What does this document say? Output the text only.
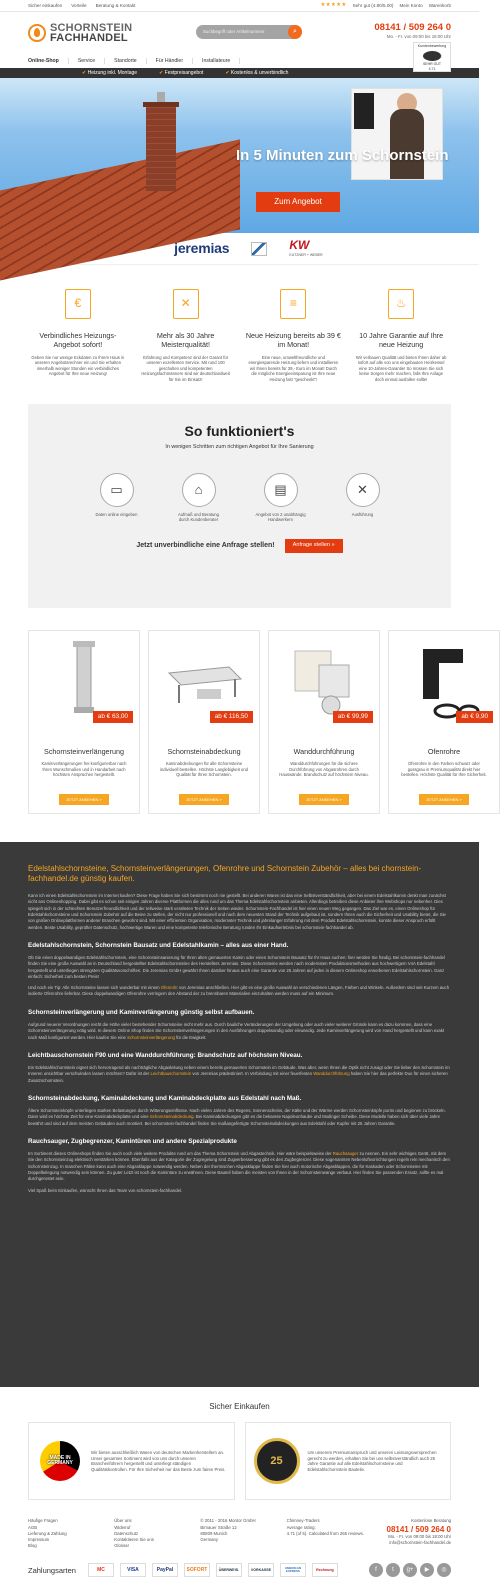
Sicher einkaufen Vorteile Beratung & Kontakt	★★★★★ Sehr gut (4.80/5.00) Mein Konto Warenkorb
SCHORNSTEIN
FACHHANDEL
Suchbegriff oder Artikelnummer	⌕	08141 / 509 264 0
Mo. - Fr. von 09:00 bis 18:00 Uhr
Online-Shop	Service	Standorte	Für Händler	Installateure
Kundenbewertung
SEHR GUT
4.71
✔ Heizung inkl. Montage	✔ Festpreisangebot	✔ Kostenlos & unverbindlich
In 5 Minuten zum Schornstein
Zum Angebot
jeremias	KW
KUTZNER + WEBER
€
Verbindliches Heizungs-Angebot sofort!

Geben Sie nur wenige Eckdaten zu Ihrem Haus in unseren Angebotsrechner ein und Sie erhalten innerhalb weniger Stunden ein verbindliches Angebot für Ihre neue Heizung!

✕
Mehr als 30 Jahre Meisterqualität!

Erfahrung und Kompetenz sind der Garant für unseren exzellenten Service. Mit rund 100 geschulten und kompetenten Heizungsfachmännern sind wir deutschlandweit für Sie im Einsatz!

≡
Neue Heizung bereits ab 39 € im Monat!

Eine neue, umweltfreundliche und energiesparende Heizung liefern und installieren wir Ihnen bereits für 39,- Euro im Monat! Durch die mögliche Energieeinsparung ist Ihre neue Heizung fast "geschenkt"!

♨
10 Jahre Garantie auf Ihre neue Heizung

Wir verbauen Qualität und bieten Ihnen daher ab sofort auf alle von uns eingebauten Heizkessel eine 10-Jahres-Garantie! So müssen Sie sich keine Sorgen mehr machen, falls Ihre Anlage doch einmal ausfallen sollte!

So funktioniert's
In wenigen Schritten zum richtigen Angebot für Ihre Sanierung
▭
Daten online eingeben
⌂
Aufmaß und Beratung durch Kundenberater
▤
Angebot von 2 unabhängig Handwerkern
✕
Ausführung
Jetzt unverbindliche eine Anfrage stellen!	Anfrage stellen »
ab € 63,00
Schornsteinverlängerung

Kaminverlängerungen frei konfigurierbar nach Ihren Wunschmaßen und in Handarbeit nach höchsten Ansprüchen hergestellt.

JETZT ANSEHEN »
ab € 116,50
Schornsteinabdeckung

Kaminabdeckungen für alle Schornsteine individuell bestellen. Höchste Langlebigkeit und Qualität für Ihren Schornstein.

JETZT ANSEHEN »
ab € 99,99
Wanddurchführung

Wanddurchführungen für die sichere Durchführung von Abgasrohren durch Hauswände. Brandschutz auf höchstem Niveau.

JETZT ANSEHEN »
ab € 9,90
Ofenrohre

Ofenrohre in den Farben schwarz oder gussgrau in Premiumqualität direkt hier bestellen. Höchste Qualität für Ihre Sicherheit.

JETZT ANSEHEN »
Edelstahlschornsteine, Schornsteinverlängerungen, Ofenrohre und Schornstein Zubehör – alles bei chornstein-fachhandel.de günstig kaufen.

Kann ich einen Edelstahlschornstein im Internet kaufen? Diese Frage haben Sie sich bestimmt noch nie gestellt. Bei anderen Waren ist das eine Selbstverständlichkeit, aber bei einem Edelstahlkamin denkt man zunächst nicht ans Onlineshopping. Dabei gibt es schon seit einigen Jahren diverse Plattformen die alles rund um das Thema Edelstahlschornstein anbieten. Allerdings betreiben diese Anbieter ihre Webshops nur nebenher. Dies spiegelt sich in der schlechten Benutzerfreundlichkeit und der teilweise stark veralteten Technik der Seiten wieder. Schornstein-Fachhandel ist hier einen neuen Weg gegangen. Das Ziel war es, einen Onlineshop für Edelstahlschornsteine und Schornstein Zubehör auf die Beine zu stellen, der nicht nur professionell und nach dem neuesten Stand der Technik aufgebaut ist, sondern Ihnen auch die Sicherheit und Usability bietet, die Sie von großen Onlineplattformen anderer Branchen gewohnt sind. Mit einer effizienten Organisation, modernster Technik und jahrelanger Erfahrung mit dem Produkt Edelstahlschornstein, konnte dieser Anspruch erfüllt werden. Beste Usability, geprüfter Datenschutz, hochwertige Waren und eine kompetente telefonische Beratung runden Ihr Einkaufserlebnis bei schornstein-fachhandel ab.

Edelstahlschornstein, Schornstein Bausatz und Edelstahlkamin – alles aus einer Hand.

Ob Sie einen doppelwandigen Edelstahlschornstein, eine Schornsteinsanierung für Ihren alten gemauerten Kamin oder einen Schornstein Bausatz für Ihr Haus suchen: hier werden Sie fündig. Bei schornstein-fachhandel finden Sie eine große Auswahl an in Deutschland hergestellter Edelstahlschornsteine des Herstellers Jeremias. Diese Schornsteine werden nach modernsten Produktionsmethoden aus hochwertigem V4A Edelstahl hergestellt und unterliegen strengsten Qualitätsvorschriften. Die Jeremias GmbH gewährt Ihnen darüber hinaus auch eine Garantie von 25 Jahren auf jeden in diesem Onlineshop erworbenen Edelstahlschornstein. Ganz einfach: Sicherheit zum besten Preis!

Und noch ein Tip: Alle Schornsteine lassen sich wunderbar mit einem Ofenrohr von Jeremias anschließen. Hier gibt es eine große Auswahl an verschiedenen Längen, Farben und Winkeln. Außerdem sind seit Kurzem auch isolierte Ofenrohre lieferbar. Diese doppelwandigen Ofenrohre verringern den Abstand der zu brennbaren Materialien einzuhalten werden muss auf ein Minimum.

Schornsteinverlängerung und Kaminverlängerung günstig selbst aufbauen.

Aufgrund neuerer Verordnungen reicht die Höhe vieler bestehender Schornsteine nicht mehr aus. Durch bauliche Veränderungen der Umgebung oder auch vieler weiterer Gründe kann es dazu kommen, dass eine Schornsteinverlängerung nötig wird. In diesem Online Shop finden Sie Schornsteinverlängerungen in den Ausführungen doppelwandig oder einwandig. Jede Kaminverlängerung wird von Hand hergestellt und kann exakt nach Maß konfiguriert werden. Hier kaufen Sie eine Schornsteinverlängerung für die Ewigkeit.

Leichtbauschornstein F90 und eine Wanddurchführung: Brandschutz auf höchstem Niveau.

Ein Edelstahlschornstein eignet sich hervorragend als nachträgliche Abgasleitung neben einem bereits gemauerten Schornstein im Gebäude. Was aber, wenn Ihnen die Optik nicht zusagt oder Sie lieber den Schornstein im Inneren unsichtbar verschwinden lassen möchten? Dafür ist der Leichtbauschornstein von Jeremias prädestiniert. In Verbindung mit einer feuerfesten Wanddurchführung haben Sie hier das perfekte Duo für einen sicheren Zusatzschornstein.

Schornsteinabdeckung, Kaminabdeckung und Kaminabdeckplatte aus Edelstahl nach Maß.

Ältere Schornsteinköpfe unterliegen starken Belastungen durch Witterungseinflüsse. Nach vielen Jahren des Regens, Sonnenscheins, der Kälte und der Wärme werden Schornsteinköpfe porös und beginnen zu bröckeln. Dann wird es höchste Zeit für eine Kaminabdeckplatte und eine Schornsteinabdeckung. Bei Kaminabdeckungen gibt es die bekannte Napoleonhaube und Modinger Scheibe. Diese Modelle haben sich über viele Jahre bewährt und sind auf dem meisten Gebäuden auch montiert. Bei schornstein-fachhandel finden Sie maßangefertigte Schornsteinabdeckungen aus Edelstahl oder Kupfer mit 25 Jahren Garantie.

Rauchsauger, Zugbegrenzer, Kamintüren und andere Spezialprodukte

Im Sortiment dieses Onlineshops finden Sie auch noch viele weitere Produkte rund um das Thema Schornstein und Abgastechnik. Hier wäre beispielsweise der Rauchsauger zu nennen. Ein sehr wichtiges Gerät, mit dem Sie den Schornsteinzug elektrisch verstärken können. Ebenfalls aus der Kategorie der Zugregelung sind Zugverbesserung gibt es den Zugbegrenzer. Diese sogenannten Nebenluftvorrichtungen regeln rein mechanisch den Schornsteinzug. In manchen Fällen kann auch eine Abgasklappe notwendig werden. Neben der thermischen Abgasklappe finden Sie hier auch motorische Abgasklappen, die für Kaskaden oder Schornsteine mit Doppelbelegung notwendig sein können. Zu guter Letzt ist noch die Kamintüre zu erwähnen. Diese Bauteil haben die meisten von Ihnen in der Schornsteinwange verbaut. Hier finden Sie passenden Ersatz, sollte es mal durchgerostet sein.

Viel Spaß beim Einkaufen, wünscht Ihnen das Team von schornstein-fachhandel.

Sicher Einkaufen
MADE IN GERMANY

Wir bieten ausschließlich Waren von deutschen Markenherstellern an. Unser gesamtes Sortiment wird von uns durch unseren Branchenführern hergestellt und unterliegt ständigen Qualitätskontrollen. Für Ihre Sicherheit nur das Beste zum fairen Preis.

25

Um unserem Premiumanspruch und unseren Leistungsversprechen gerecht zu werden, erhalten Sie bei uns selbstverständlich auch 25 Jahre Garantie auf alle Edelstahlschornsteine und Edelstahlschornstein Bauteile.

Häufige Fragen
AGB
Lieferung & Zahlung
Impressum
Blog
Über uns
Widerruf
Datenschutz
Kontaktieren Sie uns
Glossar
© 2011 - 2016 Montor GmbH
Birnauer Straße 12
80809 Munich
Germany
Chimney-Traders
Average rating:
4.71 (of 5). Calculated from 265 reviews.
Kostenlose Beratung
08141 / 509 264 0
Mo. - Fr. von 09:00 bis 18:00 Uhr
info@schornstein-fachhandel.de
Zahlungsarten	MC	VISA	PayPal	SOFORT	ÜBERWEIS.	VORKASSE
AMERICAN EXPRESS	Rechnung	f	t	g+	▶	◎
